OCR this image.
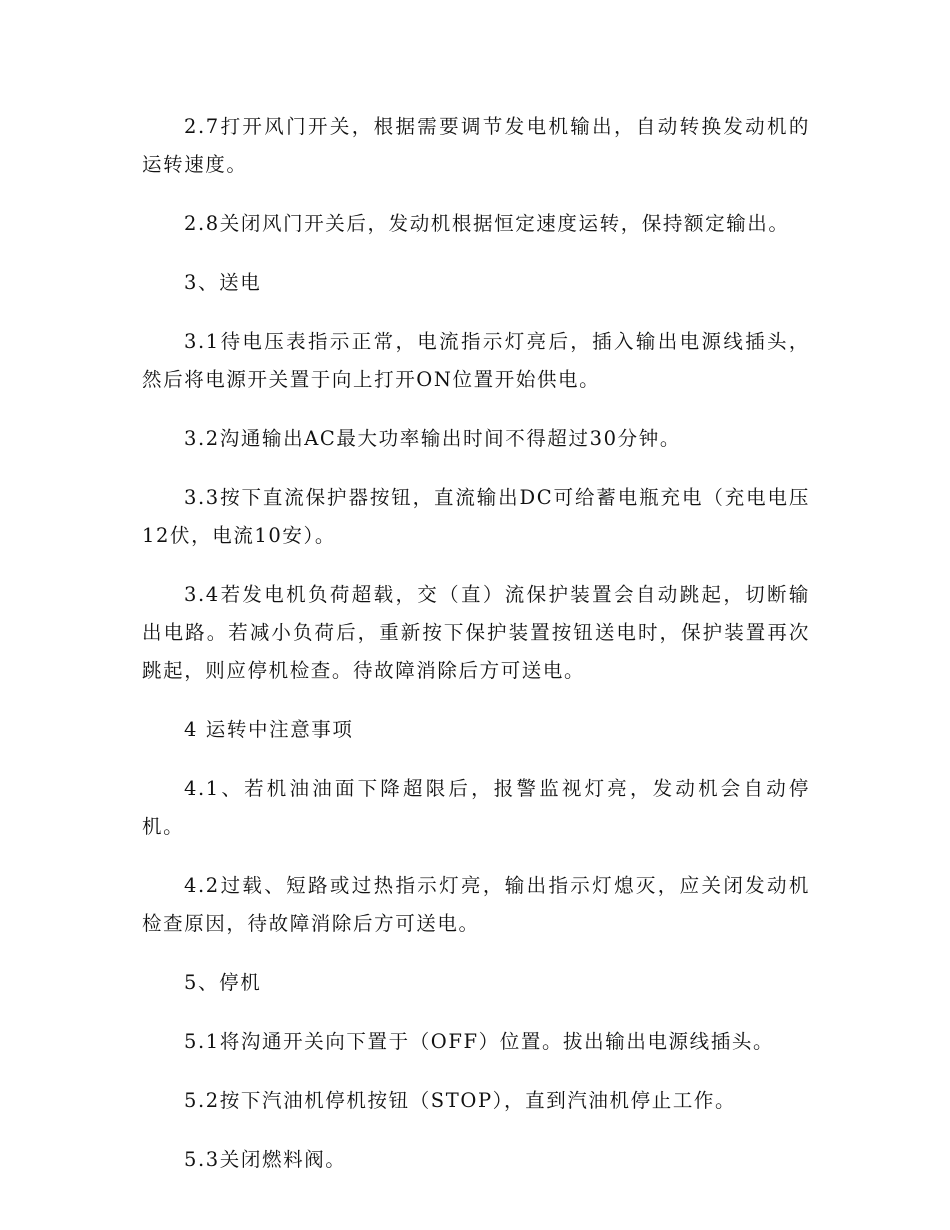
2.7打开风门开关，根据需要调节发电机输出，自动转换发动机的运转速度。

2.8关闭风门开关后，发动机根据恒定速度运转，保持额定输出。

3、送电

3.1待电压表指示正常，电流指示灯亮后，插入输出电源线插头，然后将电源开关置于向上打开ON位置开始供电。

3.2沟通输出AC最大功率输出时间不得超过30分钟。

3.3按下直流保护器按钮，直流输出DC可给蓄电瓶充电（充电电压12伏，电流10安）。

3.4若发电机负荷超载，交（直）流保护装置会自动跳起，切断输出电路。若减小负荷后，重新按下保护装置按钮送电时，保护装置再次跳起，则应停机检查。待故障消除后方可送电。

4 运转中注意事项

4.1、若机油油面下降超限后，报警监视灯亮，发动机会自动停机。

4.2过载、短路或过热指示灯亮，输出指示灯熄灭，应关闭发动机检查原因，待故障消除后方可送电。

5、停机

5.1将沟通开关向下置于（OFF）位置。拔出输出电源线插头。

5.2按下汽油机停机按钮（STOP），直到汽油机停止工作。

5.3关闭燃料阀。
